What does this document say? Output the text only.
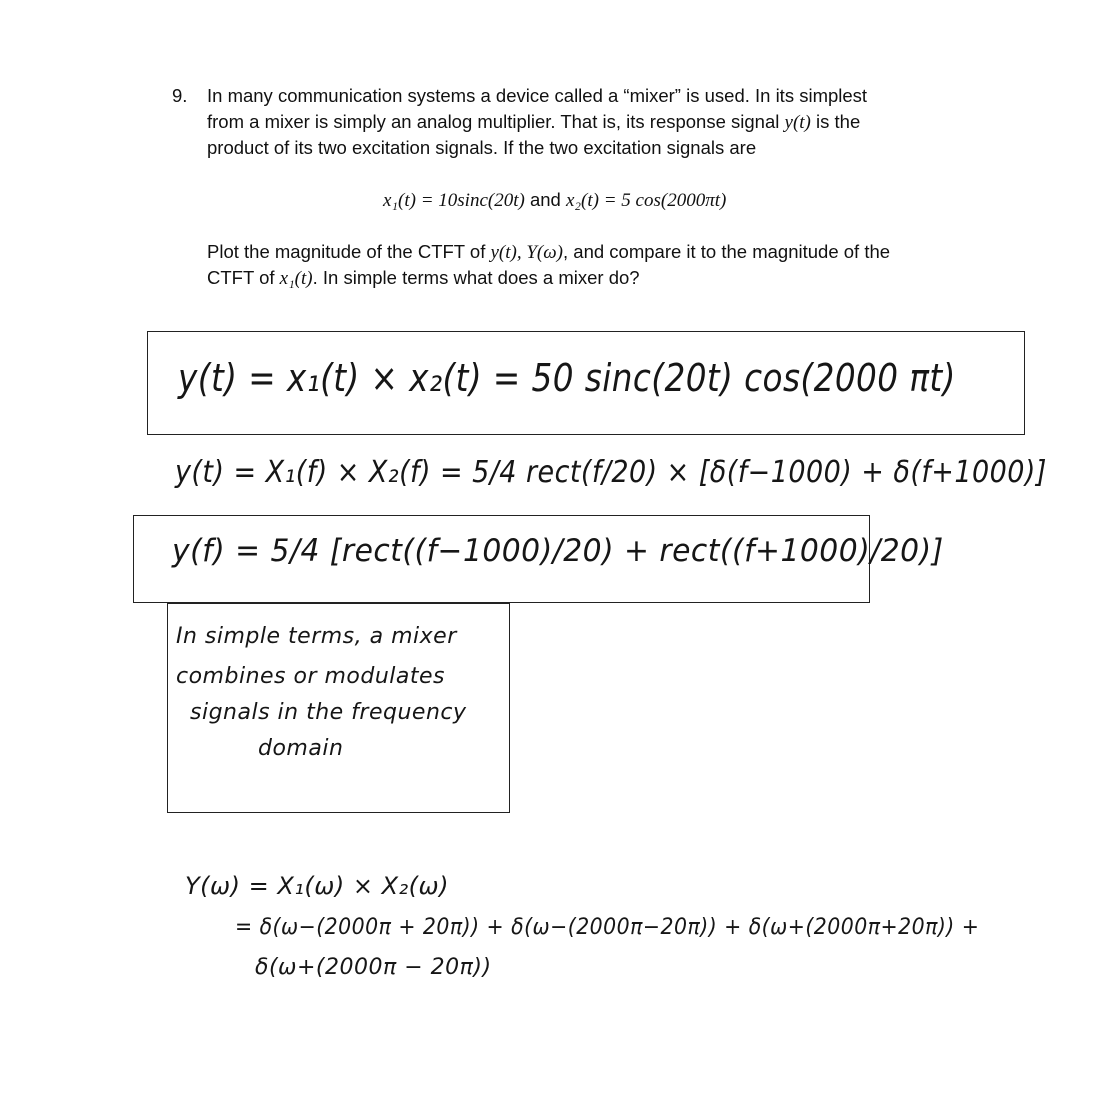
9. In many communication systems a device called a “mixer” is used. In its simplest
from a mixer is simply an analog multiplier. That is, its response signal y(t) is the
product of its two excitation signals. If the two excitation signals are
x₁(t) = 10sinc(20t) and x₂(t) = 5 cos(2000πt)
Plot the magnitude of the CTFT of y(t), Y(ω), and compare it to the magnitude of the
CTFT of x₁(t). In simple terms what does a mixer do?
y(t) = x₁(t) × x₂(t) = 50 sinc(20t) cos(2000 πt)
y(t) = X₁(f) × X₂(f) = 5/4 rect(f/20) × [δ(f−1000) + δ(f+1000)]
y(f) = 5/4 [rect((f−1000)/20) + rect((f+1000)/20)]
In simple terms, a mixer
combines or modulates
signals in the frequency
domain
Y(ω) = X₁(ω) × X₂(ω)
= δ(ω−(2000π + 20π)) + δ(ω−(2000π−20π)) + δ(ω+(2000π+20π)) +
δ(ω+(2000π − 20π))
